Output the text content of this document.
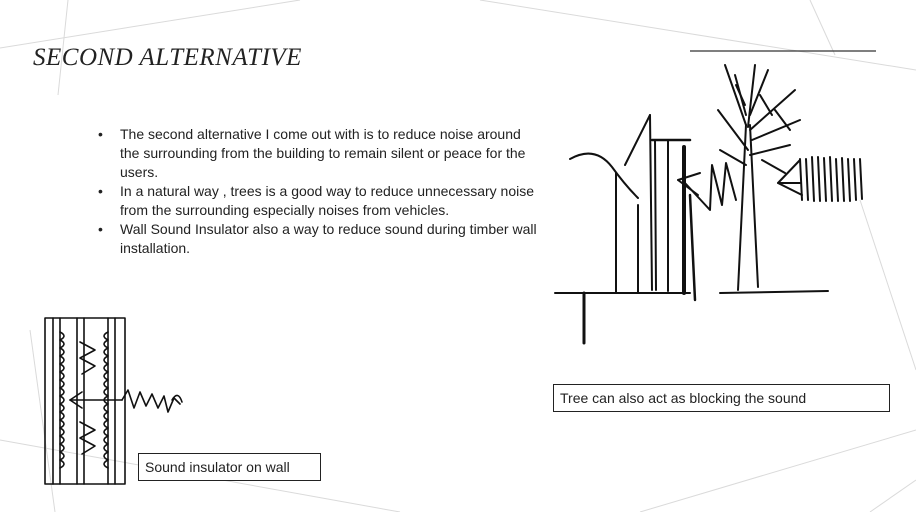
SECOND ALTERNATIVE
• The second alternative I come out with is to reduce noise around the surrounding from the building to remain silent or peace for the users.
• In a natural way , trees is a good way to reduce unnecessary noise from the surrounding especially noises from vehicles.
• Wall Sound Insulator also a way to reduce sound during timber wall installation.
Tree can also act as blocking the sound
Sound insulator on wall
